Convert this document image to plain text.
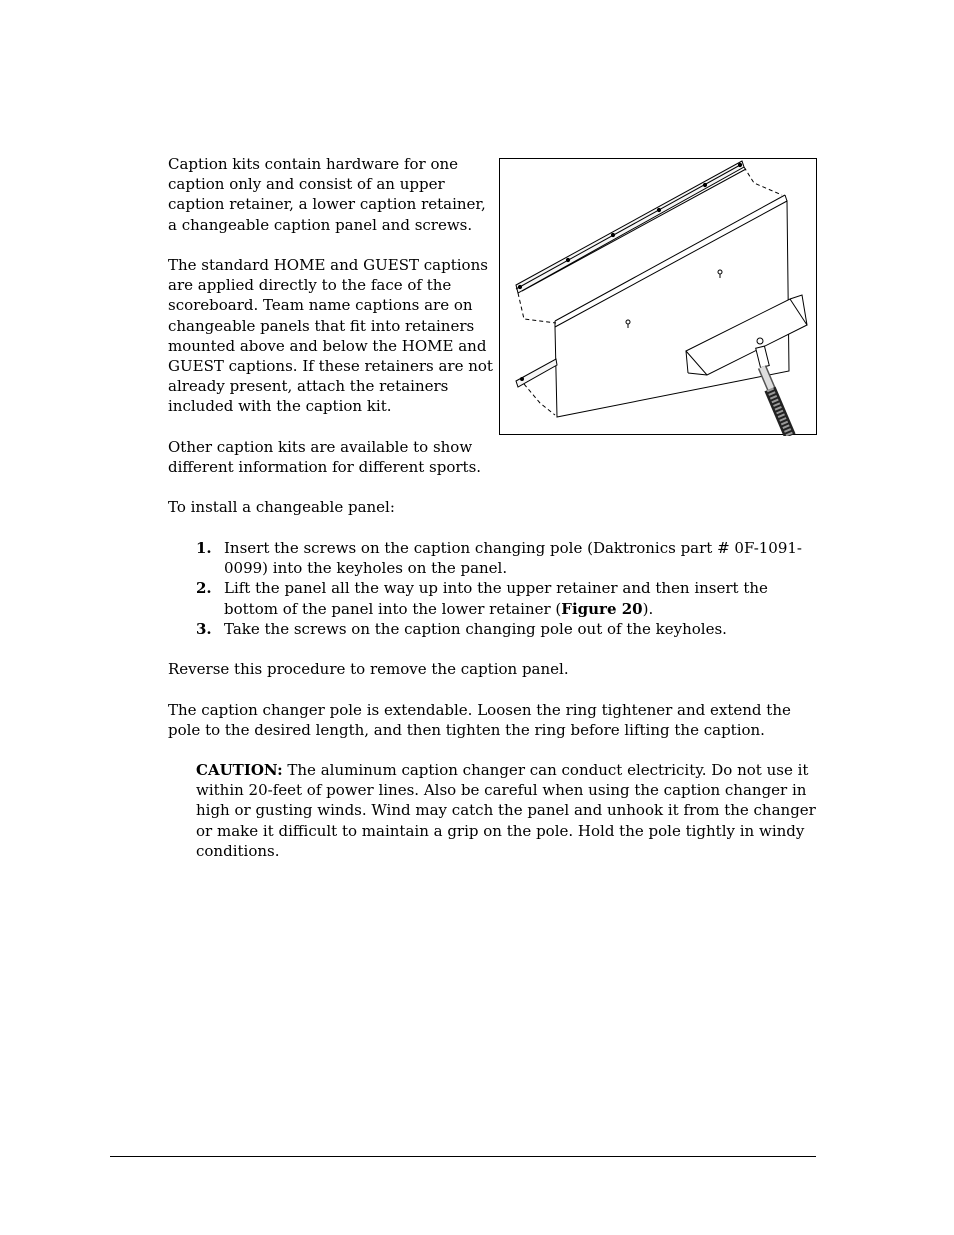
Caption kits contain hardware for one caption only and consist of an upper caption retainer, a lower caption retainer, a changeable caption panel and screws.

The standard HOME and GUEST captions are applied directly to the face of the scoreboard. Team name captions are on changeable panels that fit into retainers mounted above and below the HOME and GUEST captions. If these retainers are not already present, attach the retainers included with the caption kit.

Other caption kits are available to show different information for different sports.

To install a changeable panel:

1. Insert the screws on the caption changing pole (Daktronics part # 0F-1091-0099) into the keyholes on the panel.
2. Lift the panel all the way up into the upper retainer and then insert the bottom of the panel into the lower retainer (Figure 20).
3. Take the screws on the caption changing pole out of the keyholes.

Reverse this procedure to remove the caption panel.

The caption changer pole is extendable. Loosen the ring tightener and extend the pole to the desired length, and then tighten the ring before lifting the caption.

CAUTION: The aluminum caption changer can conduct electricity. Do not use it within 20-feet of power lines. Also be careful when using the caption changer in high or gusting winds. Wind may catch the panel and unhook it from the changer or make it difficult to maintain a grip on the pole. Hold the pole tightly in windy conditions.
